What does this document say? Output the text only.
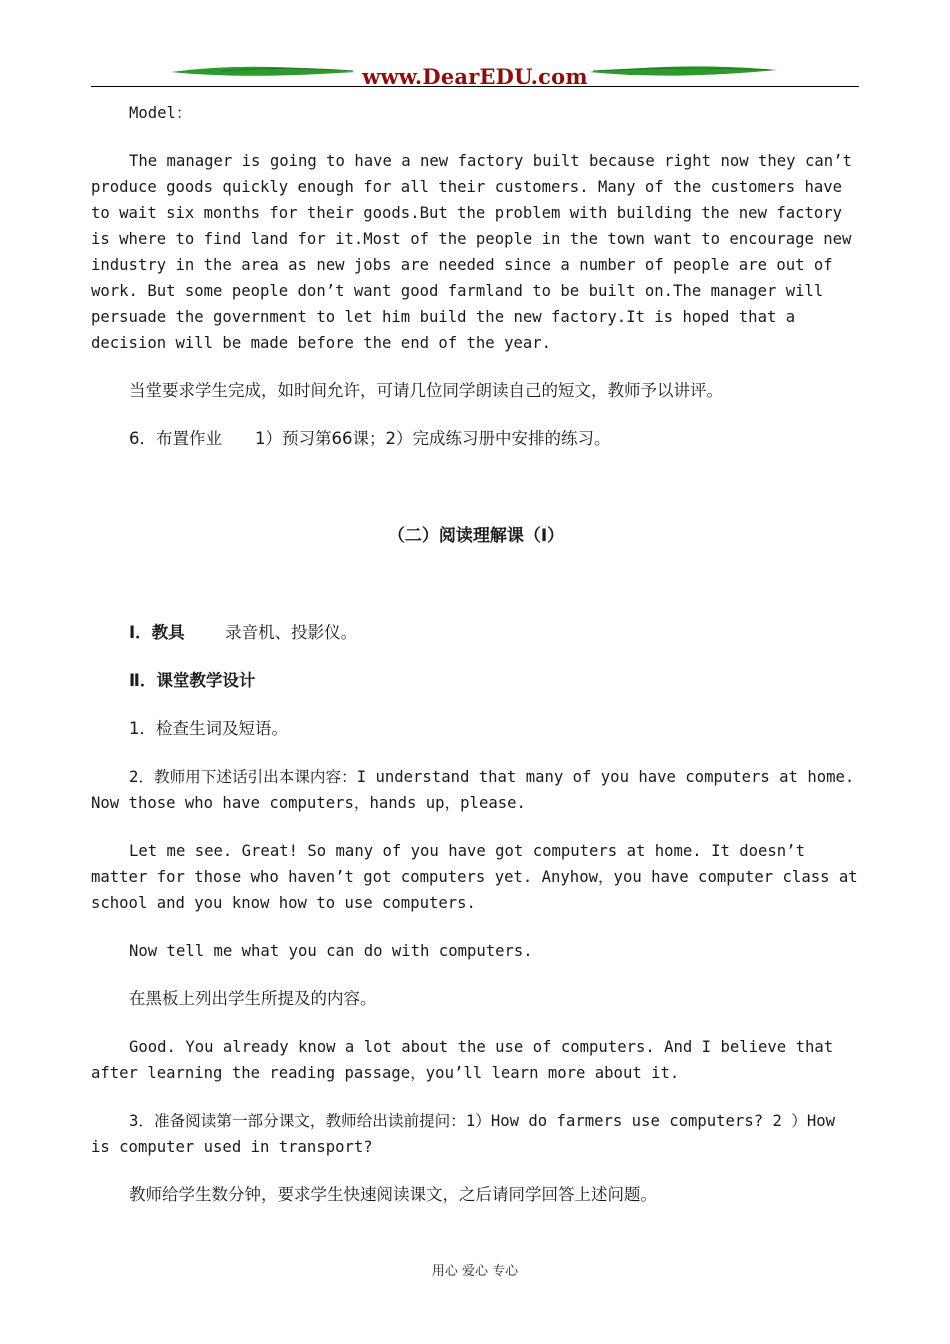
www.DearEDU.com

Model：

The manager is going to have a new factory built because right now they can’t produce goods quickly enough for all their customers. Many of the customers have to wait six months for their goods.But the problem with building the new factory is where to find land for it.Most of the people in the town want to encourage new industry in the area as new jobs are needed since a number of people are out of work. But some people don’t want good farmland to be built on.The manager will persuade the government to let him build the new factory.It is hoped that a decision will be made before the end of the year.

当堂要求学生完成，如时间允许，可请几位同学朗读自己的短文，教师予以讲评。

6．布置作业　　1）预习第66课；2）完成练习册中安排的练习。

（二）阅读理解课（Ⅰ）

Ⅰ．教具 录音机、投影仪。

Ⅱ．课堂教学设计

1．检查生词及短语。

2．教师用下述话引出本课内容：I understand that many of you have computers at home. Now those who have computers，hands up，please.

Let me see. Great! So many of you have got computers at home. It doesn’t matter for those who haven’t got computers yet. Anyhow，you have computer class at school and you know how to use computers.

Now tell me what you can do with computers.

在黑板上列出学生所提及的内容。

Good. You already know a lot about the use of computers. And I believe that after learning the reading passage，you’ll learn more about it.

3．准备阅读第一部分课文，教师给出读前提问：1）How do farmers use computers? 2 ）How is computer used in transport?

教师给学生数分钟，要求学生快速阅读课文，之后请同学回答上述问题。

用心 爱心 专心
